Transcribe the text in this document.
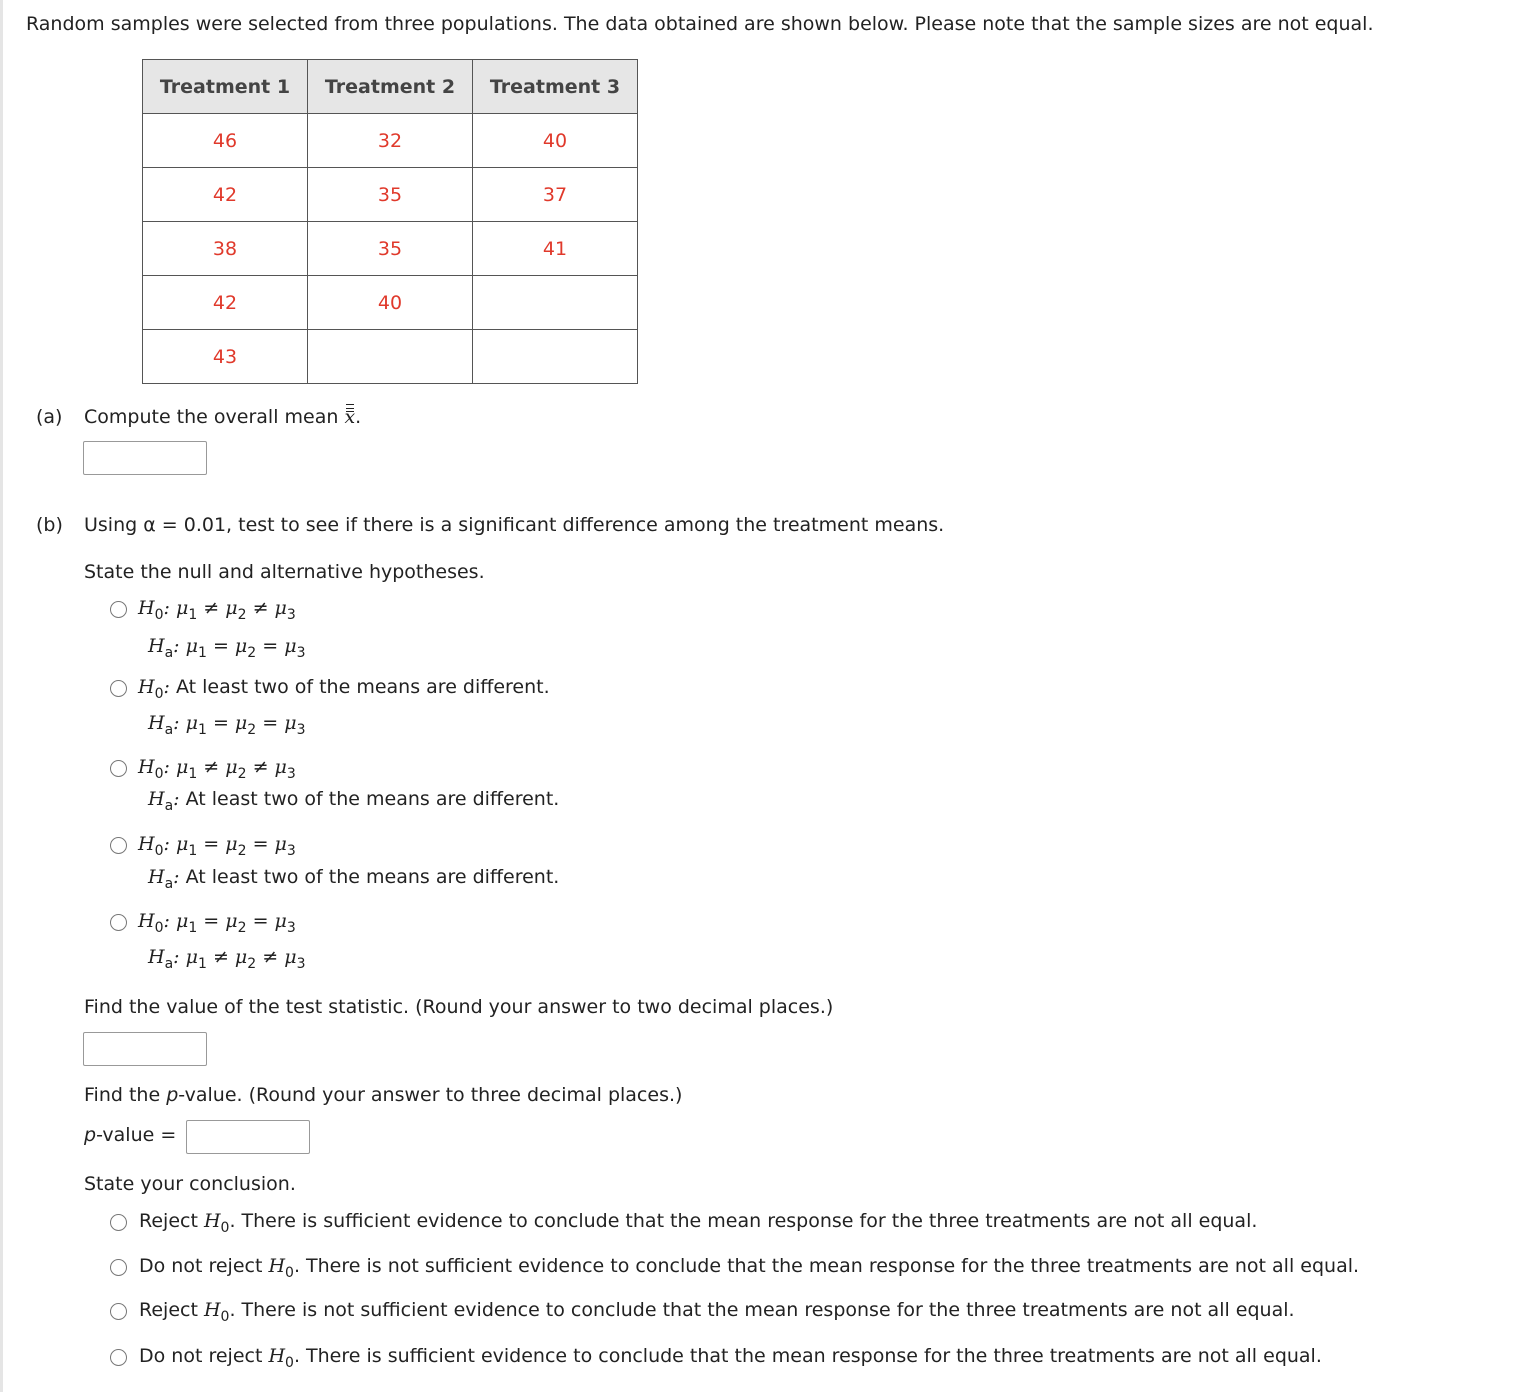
Random samples were selected from three populations. The data obtained are shown below. Please note that the sample sizes are not equal.
Treatment 1	Treatment 2	Treatment 3
46	32	40
42	35	37
38	35	41
42	40	
43		
(a) Compute the overall mean x.
(b) Using α = 0.01, test to see if there is a significant difference among the treatment means.
State the null and alternative hypotheses.
$H_0$: $\mu_1 \ne \mu_2 \ne \mu_3$
$H_a$: $\mu_1 = \mu_2 = \mu_3$
$H_0$: At least two of the means are different.
$H_a$: $\mu_1 = \mu_2 = \mu_3$
$H_0$: $\mu_1 \ne \mu_2 \ne \mu_3$
$H_a$: At least two of the means are different.
$H_0$: $\mu_1 = \mu_2 = \mu_3$
$H_a$: At least two of the means are different.
$H_0$: $\mu_1 = \mu_2 = \mu_3$
$H_a$: $\mu_1 \ne \mu_2 \ne \mu_3$
Find the value of the test statistic. (Round your answer to two decimal places.)
Find the p-value. (Round your answer to three decimal places.)
p-value =
State your conclusion.
Reject $H_0$. There is sufficient evidence to conclude that the mean response for the three treatments are not all equal.
Do not reject $H_0$. There is not sufficient evidence to conclude that the mean response for the three treatments are not all equal.
Reject $H_0$. There is not sufficient evidence to conclude that the mean response for the three treatments are not all equal.
Do not reject $H_0$. There is sufficient evidence to conclude that the mean response for the three treatments are not all equal.
